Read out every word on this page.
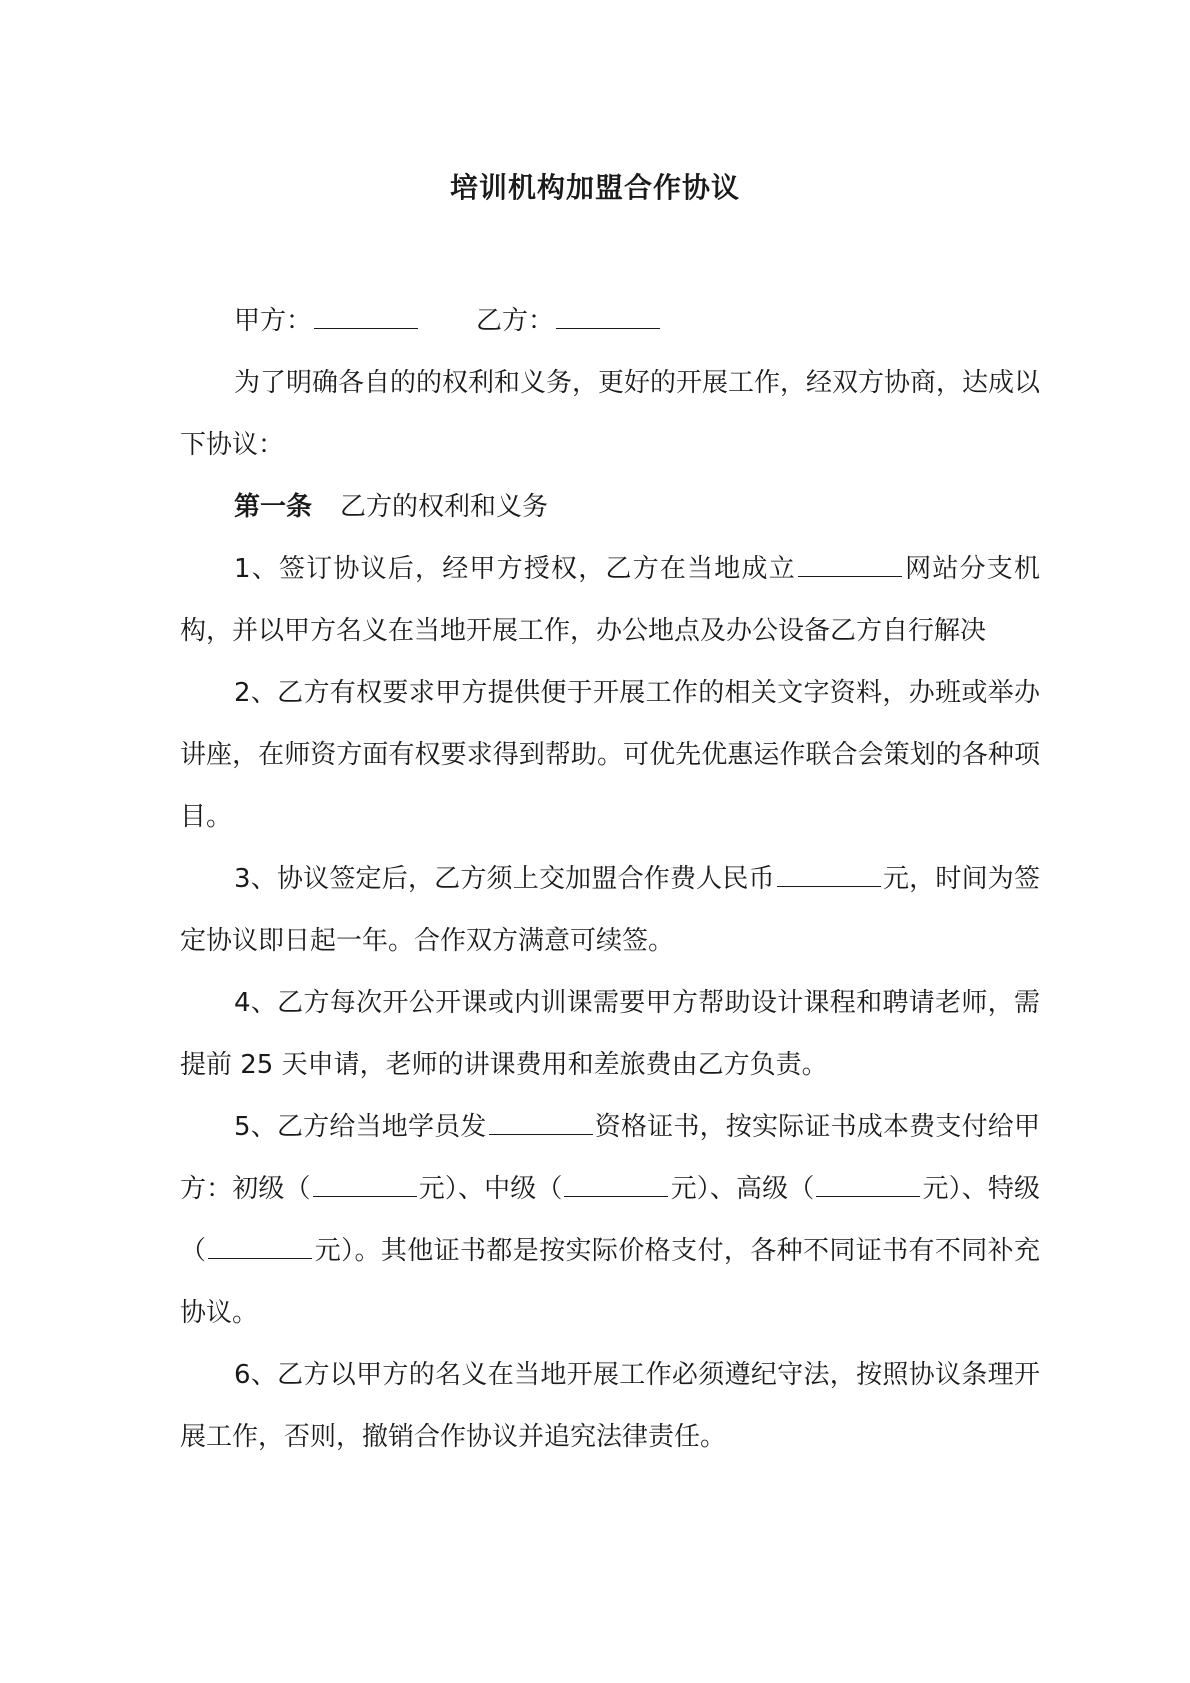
培训机构加盟合作协议

甲方：	乙方：

为了明确各自的的权利和义务，更好的开展工作，经双方协商，达成以下协议：

第一条 乙方的权利和义务

1、签订协议后，经甲方授权，乙方在当地成立	网站分支机构，并以甲方名义在当地开展工作，办公地点及办公设备乙方自行解决

2、乙方有权要求甲方提供便于开展工作的相关文字资料，办班或举办讲座，在师资方面有权要求得到帮助。可优先优惠运作联合会策划的各种项目。

3、协议签定后，乙方须上交加盟合作费人民币	元，时间为签定协议即日起一年。合作双方满意可续签。

4、乙方每次开公开课或内训课需要甲方帮助设计课程和聘请老师，需提前 25 天申请，老师的讲课费用和差旅费由乙方负责。

5、乙方给当地学员发	资格证书，按实际证书成本费支付给甲方：初级（	元）、中级（	元）、高级（	元）、特级（	元）。其他证书都是按实际价格支付，各种不同证书有不同补充协议。

6、乙方以甲方的名义在当地开展工作必须遵纪守法，按照协议条理开展工作，否则，撤销合作协议并追究法律责任。
